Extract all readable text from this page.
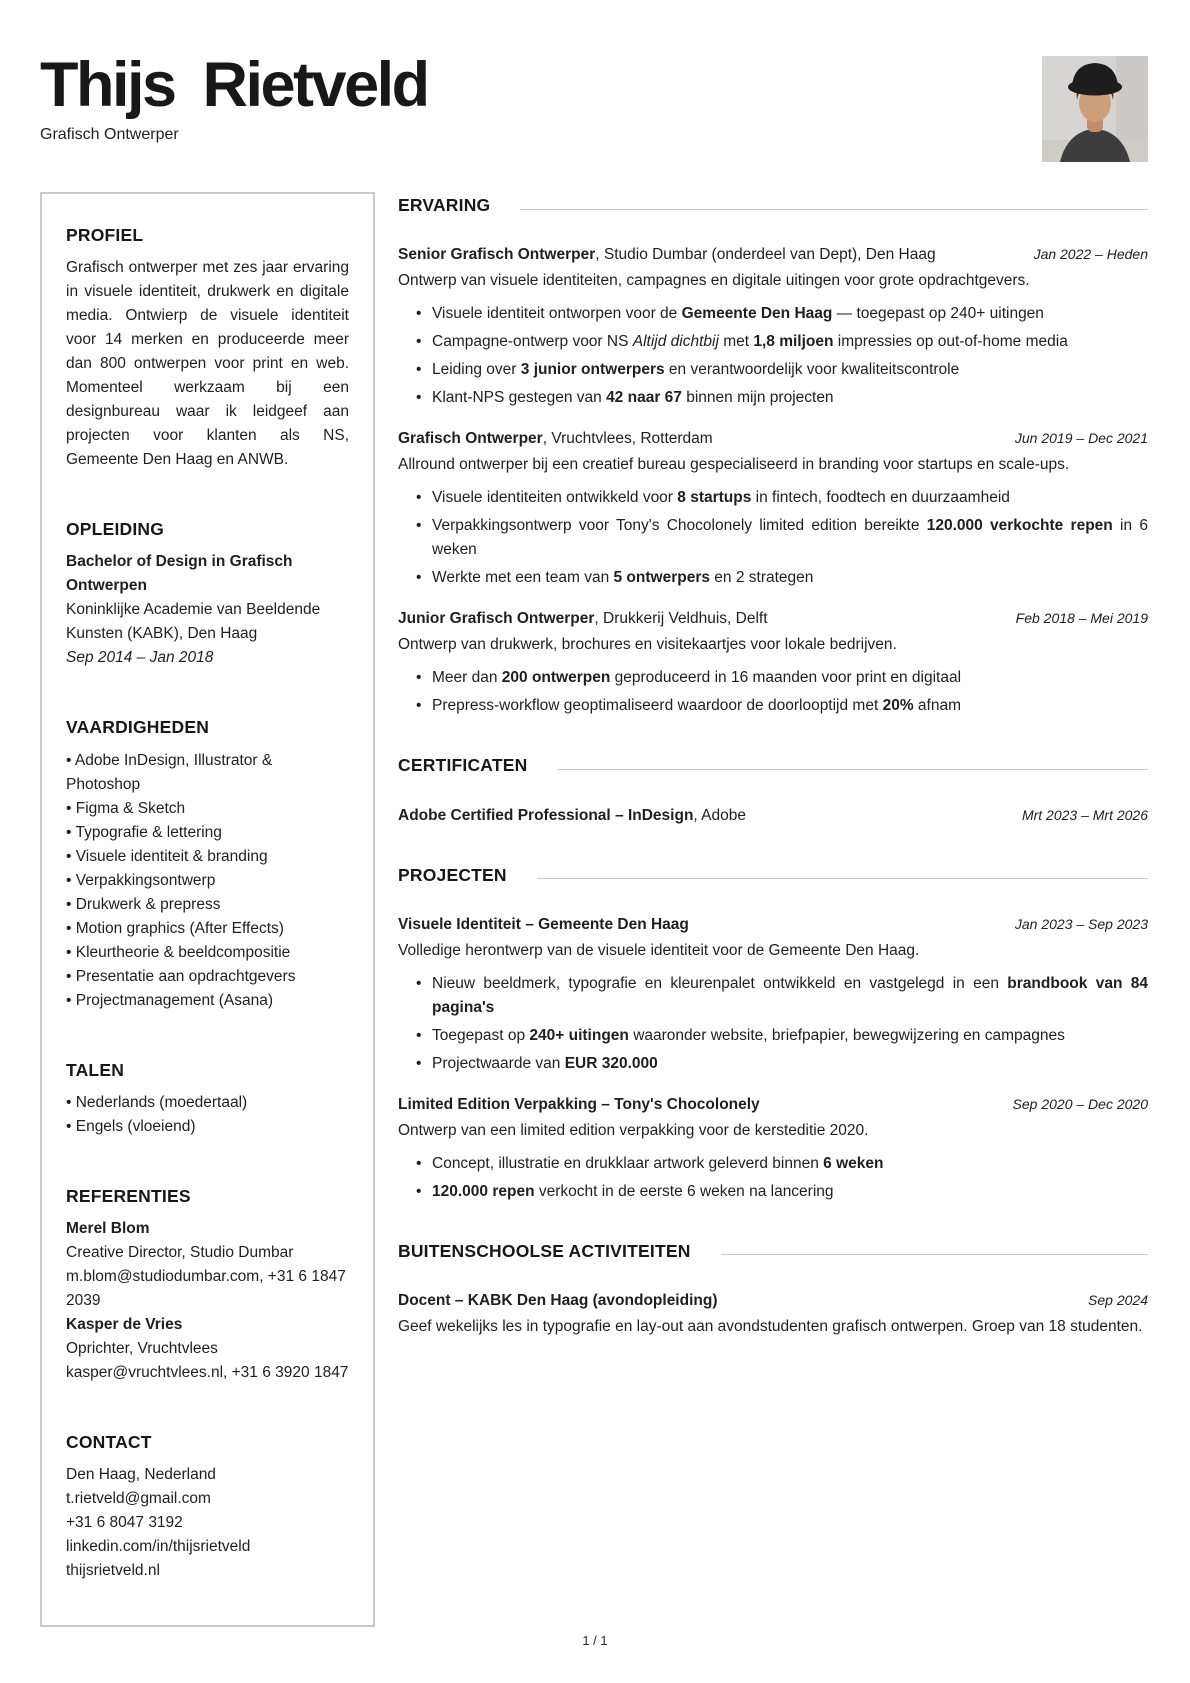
Thijs Rietveld
Grafisch Ontwerper
PROFIEL

Grafisch ontwerper met zes jaar ervaring in visuele identiteit, drukwerk en digitale media. Ontwierp de visuele identiteit voor 14 merken en produceerde meer dan 800 ontwerpen voor print en web. Momenteel werkzaam bij een designbureau waar ik leidgeef aan projecten voor klanten als NS, Gemeente Den Haag en ANWB.

OPLEIDING

Bachelor of Design in Grafisch Ontwerpen

Koninklijke Academie van Beeldende Kunsten (KABK), Den Haag

Sep 2014 – Jan 2018

VAARDIGHEDEN
• Adobe InDesign, Illustrator & Photoshop
• Figma & Sketch
• Typografie & lettering
• Visuele identiteit & branding
• Verpakkingsontwerp
• Drukwerk & prepress
• Motion graphics (After Effects)
• Kleurtheorie & beeldcompositie
• Presentatie aan opdrachtgevers
• Projectmanagement (Asana)
TALEN
• Nederlands (moedertaal)
• Engels (vloeiend)
REFERENTIES
Merel Blom
Creative Director, Studio Dumbar
m.blom@studiodumbar.com, +31 6 1847 2039
Kasper de Vries
Oprichter, Vruchtvlees
kasper@vruchtvlees.nl, +31 6 3920 1847
CONTACT
Den Haag, Nederland
t.rietveld@gmail.com
+31 6 8047 3192
linkedin.com/in/thijsrietveld
thijsrietveld.nl
ERVARING
Senior Grafisch Ontwerper, Studio Dumbar (onderdeel van Dept), Den Haag	Jan 2022 – Heden
Ontwerp van visuele identiteiten, campagnes en digitale uitingen voor grote opdrachtgevers.
• Visuele identiteit ontworpen voor de Gemeente Den Haag — toegepast op 240+ uitingen
• Campagne-ontwerp voor NS Altijd dichtbij met 1,8 miljoen impressies op out-of-home media
• Leiding over 3 junior ontwerpers en verantwoordelijk voor kwaliteitscontrole
• Klant-NPS gestegen van 42 naar 67 binnen mijn projecten
Grafisch Ontwerper, Vruchtvlees, Rotterdam	Jun 2019 – Dec 2021
Allround ontwerper bij een creatief bureau gespecialiseerd in branding voor startups en scale-ups.
• Visuele identiteiten ontwikkeld voor 8 startups in fintech, foodtech en duurzaamheid
• Verpakkingsontwerp voor Tony's Chocolonely limited edition bereikte 120.000 verkochte repen in 6 weken
• Werkte met een team van 5 ontwerpers en 2 strategen
Junior Grafisch Ontwerper, Drukkerij Veldhuis, Delft	Feb 2018 – Mei 2019
Ontwerp van drukwerk, brochures en visitekaartjes voor lokale bedrijven.
• Meer dan 200 ontwerpen geproduceerd in 16 maanden voor print en digitaal
• Prepress-workflow geoptimaliseerd waardoor de doorlooptijd met 20% afnam
CERTIFICATEN
Adobe Certified Professional – InDesign, Adobe	Mrt 2023 – Mrt 2026
PROJECTEN
Visuele Identiteit – Gemeente Den Haag	Jan 2023 – Sep 2023
Volledige herontwerp van de visuele identiteit voor de Gemeente Den Haag.
• Nieuw beeldmerk, typografie en kleurenpalet ontwikkeld en vastgelegd in een brandbook van 84 pagina's
• Toegepast op 240+ uitingen waaronder website, briefpapier, bewegwijzering en campagnes
• Projectwaarde van EUR 320.000
Limited Edition Verpakking – Tony's Chocolonely	Sep 2020 – Dec 2020
Ontwerp van een limited edition verpakking voor de kersteditie 2020.
• Concept, illustratie en drukklaar artwork geleverd binnen 6 weken
• 120.000 repen verkocht in de eerste 6 weken na lancering
BUITENSCHOOLSE ACTIVITEITEN
Docent – KABK Den Haag (avondopleiding)	Sep 2024
Geef wekelijks les in typografie en lay-out aan avondstudenten grafisch ontwerpen. Groep van 18 studenten.
1 / 1
